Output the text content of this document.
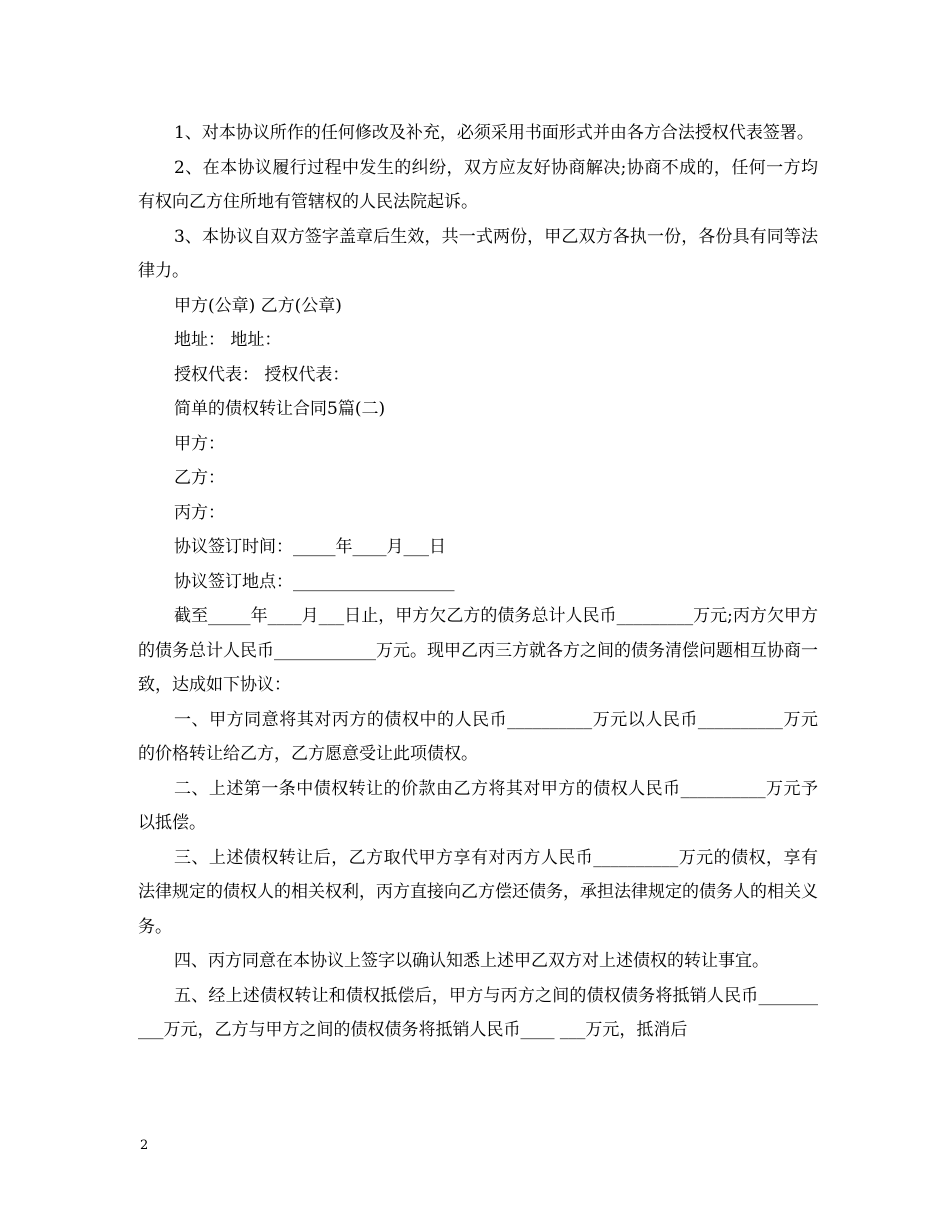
1、对本协议所作的任何修改及补充，必须采用书面形式并由各方合法授权代表签署。

2、在本协议履行过程中发生的纠纷，双方应友好协商解决;协商不成的，任何一方均有权向乙方住所地有管辖权的人民法院起诉。

3、本协议自双方签字盖章后生效，共一式两份，甲乙双方各执一份，各份具有同等法律力。

甲方(公章) 乙方(公章)

地址： 地址：

授权代表： 授权代表：

简单的债权转让合同5篇(二)

甲方：

乙方：

丙方：

协议签订时间：_____年____月___日

协议签订地点：___________________

截至_____年____月___日止，甲方欠乙方的债务总计人民币_________万元;丙方欠甲方的债务总计人民币____________万元。现甲乙丙三方就各方之间的债务清偿问题相互协商一致，达成如下协议：

一、甲方同意将其对丙方的债权中的人民币__________万元以人民币__________万元的价格转让给乙方，乙方愿意受让此项债权。

二、上述第一条中债权转让的价款由乙方将其对甲方的债权人民币__________万元予以抵偿。

三、上述债权转让后，乙方取代甲方享有对丙方人民币__________万元的债权，享有法律规定的债权人的相关权利，丙方直接向乙方偿还债务，承担法律规定的债务人的相关义务。

四、丙方同意在本协议上签字以确认知悉上述甲乙双方对上述债权的转让事宜。

五、经上述债权转让和债权抵偿后，甲方与丙方之间的债权债务将抵销人民币__________万元，乙方与甲方之间的债权债务将抵销人民币____ ___万元，抵消后

2
